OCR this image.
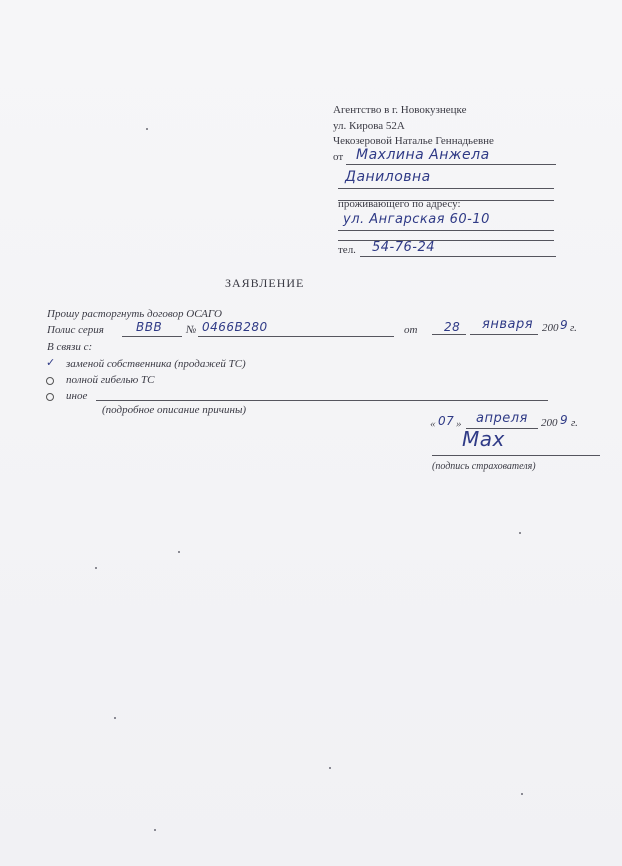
Агентство в г. Новокузнецке
ул. Кирова 52А
Чекозеровой Натальe Геннадьевне
от Махлина Анжела
Даниловна
проживающего по адресу:
ул. Ангарская 60-10
тел. 54-76-24
ЗАЯВЛЕНИЕ
Прошу расторгнуть договор ОСАГО
Полис серия	ВВВ № 0466В280	от 28 января 200 9 г.
В связи с:
✓ заменой собственника (продажей ТС)
полной гибелью ТС
иное
(подробное описание причины)
« 07 » апреля 200 9 г.
Мах
(подпись страхователя)
